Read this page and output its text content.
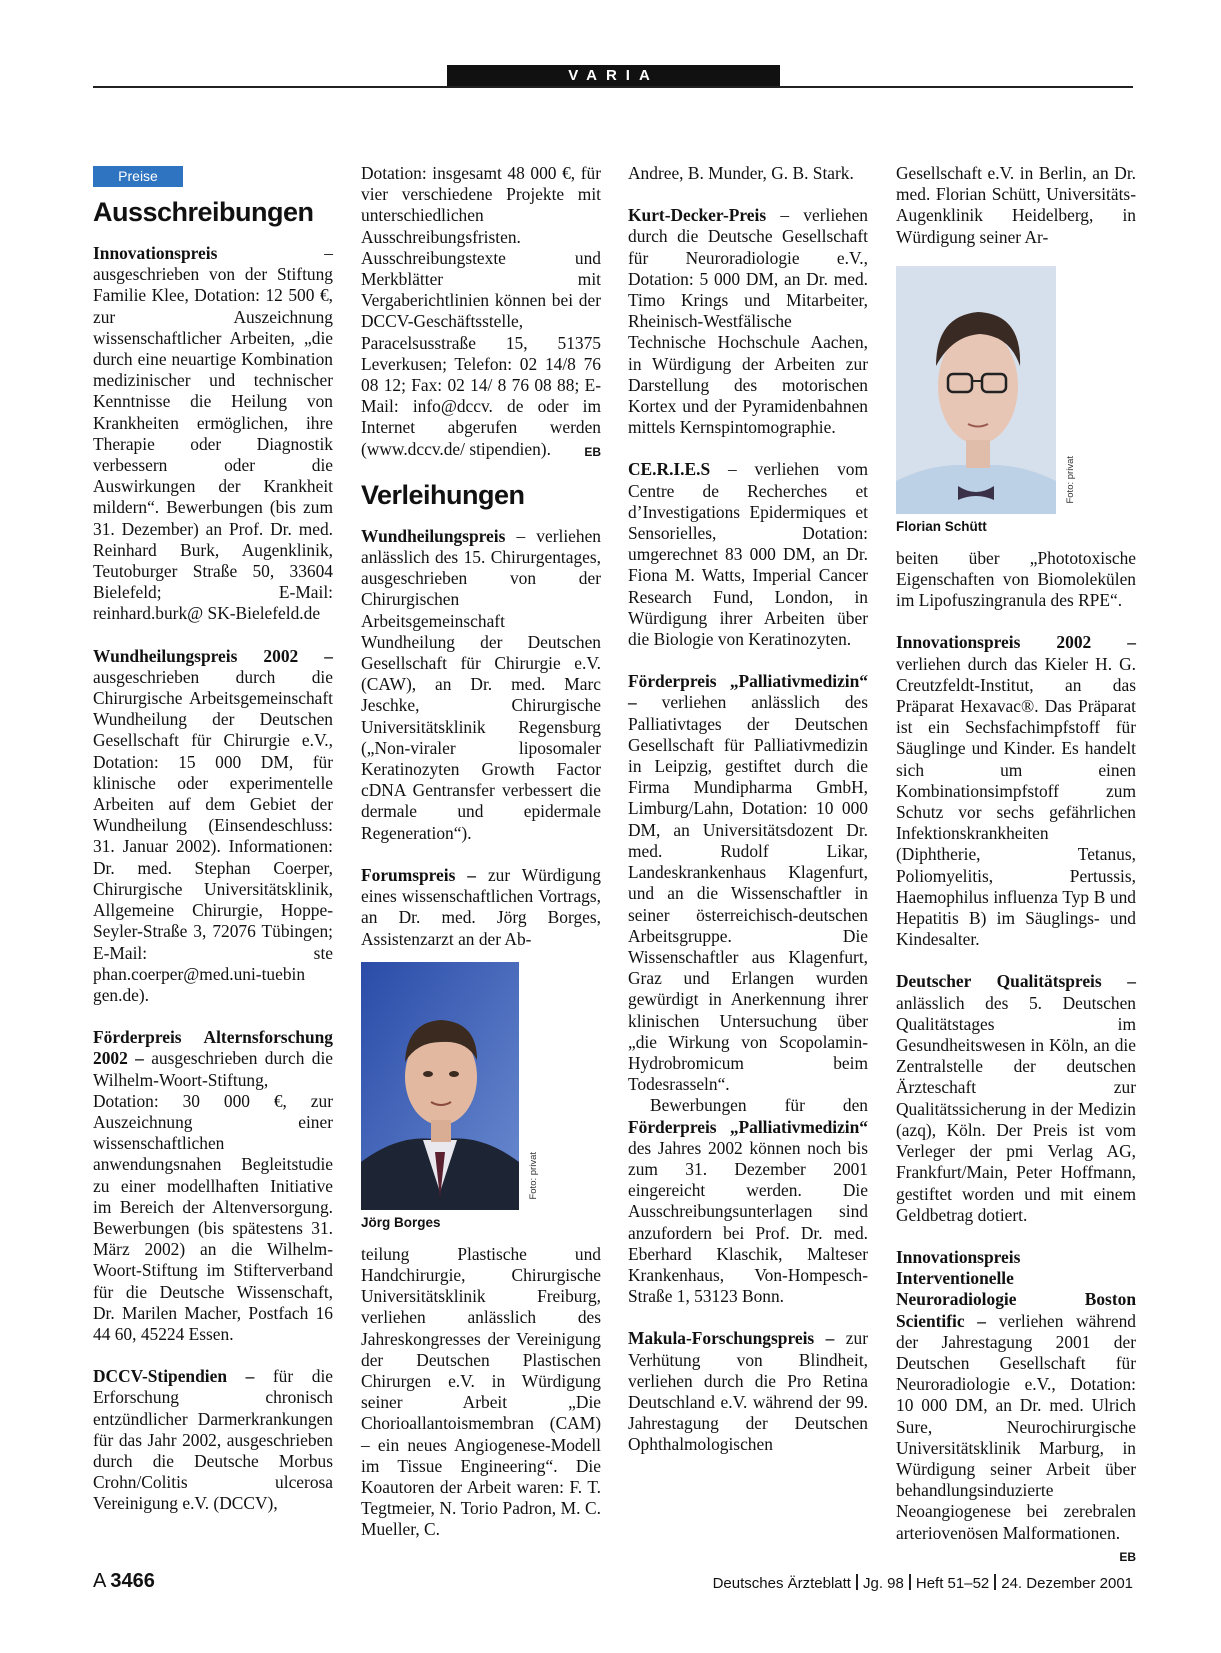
VARIA
Preise
Ausschreibungen

Innovationspreis – ausgeschrieben von der Stiftung Familie Klee, Dotation: 12 500 €, zur Auszeichnung wissenschaftlicher Arbeiten, „die durch eine neuartige Kombination medizinischer und technischer Kenntnisse die Heilung von Krankheiten ermöglichen, ihre Therapie oder Diagnostik verbessern oder die Auswirkungen der Krankheit mildern“. Bewerbungen (bis zum 31. Dezember) an Prof. Dr. med. Reinhard Burk, Augenklinik, Teutoburger Straße 50, 33604 Bielefeld; E-Mail: reinhard.burk@ SK-Bielefeld.de

Wundheilungspreis 2002 – ausgeschrieben durch die Chirurgische Arbeitsgemeinschaft Wundheilung der Deutschen Gesellschaft für Chirurgie e.V., Dotation: 15 000 DM, für klinische oder experimentelle Arbeiten auf dem Gebiet der Wundheilung (Einsendeschluss: 31. Januar 2002). Informationen: Dr. med. Stephan Coerper, Chirurgische Universitätsklinik, Allgemeine Chirurgie, Hoppe-Seyler-Straße 3, 72076 Tübingen; E-Mail: ste phan.coerper@med.uni-tuebin gen.de).

Förderpreis Alternsforschung 2002 – ausgeschrieben durch die Wilhelm-Woort-Stiftung, Dotation: 30 000 €, zur Auszeichnung einer wissenschaftlichen anwendungsnahen Begleitstudie zu einer modellhaften Initiative im Bereich der Altenversorgung. Bewerbungen (bis spätestens 31. März 2002) an die Wilhelm-Woort-Stiftung im Stifterverband für die Deutsche Wissenschaft, Dr. Marilen Macher, Postfach 16 44 60, 45224 Essen.

DCCV-Stipendien – für die Erforschung chronisch entzündlicher Darmerkrankungen für das Jahr 2002, ausgeschrieben durch die Deutsche Morbus Crohn/Colitis ulcerosa Vereinigung e.V. (DCCV),

Dotation: insgesamt 48 000 €, für vier verschiedene Projekte mit unterschiedlichen Ausschreibungsfristen. Ausschreibungstexte und Merkblätter mit Vergaberichtlinien können bei der DCCV-Geschäftsstelle, Paracelsusstraße 15, 51375 Leverkusen; Telefon: 02 14/8 76 08 12; Fax: 02 14/ 8 76 08 88; E-Mail: info@dccv. de oder im Internet abgerufen werden (www.dccv.de/ stipendien).	EB

Verleihungen

Wundheilungspreis – verliehen anlässlich des 15. Chirurgentages, ausgeschrieben von der Chirurgischen Arbeitsgemeinschaft Wundheilung der Deutschen Gesellschaft für Chirurgie e.V. (CAW), an Dr. med. Marc Jeschke, Chirurgische Universitätsklinik Regensburg („Non-viraler liposomaler Keratinozyten Growth Factor cDNA Gentransfer verbessert die dermale und epidermale Regeneration“).

Forumspreis – zur Würdigung eines wissenschaftlichen Vortrags, an Dr. med. Jörg Borges, Assistenzarzt an der Ab-

Foto: privat
Jörg Borges

teilung Plastische und Handchirurgie, Chirurgische Universitätsklinik Freiburg, verliehen anlässlich des Jahreskongresses der Vereinigung der Deutschen Plastischen Chirurgen e.V. in Würdigung seiner Arbeit „Die Chorioallantoismembran (CAM) – ein neues Angiogenese-Modell im Tissue Engineering“. Die Koautoren der Arbeit waren: F. T. Tegtmeier, N. Torio Padron, M. C. Mueller, C.

Andree, B. Munder, G. B. Stark.

Kurt-Decker-Preis – verliehen durch die Deutsche Gesellschaft für Neuroradiologie e.V., Dotation: 5 000 DM, an Dr. med. Timo Krings und Mitarbeiter, Rheinisch-Westfälische Technische Hochschule Aachen, in Würdigung der Arbeiten zur Darstellung des motorischen Kortex und der Pyramidenbahnen mittels Kernspintomographie.

CE.R.I.E.S – verliehen vom Centre de Recherches et d’Investigations Epidermiques et Sensorielles, Dotation: umgerechnet 83 000 DM, an Dr. Fiona M. Watts, Imperial Cancer Research Fund, London, in Würdigung ihrer Arbeiten über die Biologie von Keratinozyten.

Förderpreis „Palliativmedizin“ – verliehen anlässlich des Palliativtages der Deutschen Gesellschaft für Palliativmedizin in Leipzig, gestiftet durch die Firma Mundipharma GmbH, Limburg/Lahn, Dotation: 10 000 DM, an Universitätsdozent Dr. med. Rudolf Likar, Landeskrankenhaus Klagenfurt, und an die Wissenschaftler in seiner österreichisch-deutschen Arbeitsgruppe. Die Wissenschaftler aus Klagenfurt, Graz und Erlangen wurden gewürdigt in Anerkennung ihrer klinischen Untersuchung über „die Wirkung von Scopolamin-Hydrobromicum beim Todesrasseln“.

Bewerbungen für den Förderpreis „Palliativmedizin“ des Jahres 2002 können noch bis zum 31. Dezember 2001 eingereicht werden. Die Ausschreibungsunterlagen sind anzufordern bei Prof. Dr. med. Eberhard Klaschik, Malteser Krankenhaus, Von-Hompesch-Straße 1, 53123 Bonn.

Makula-Forschungspreis – zur Verhütung von Blindheit, verliehen durch die Pro Retina Deutschland e.V. während der 99. Jahrestagung der Deutschen Ophthalmologischen

Gesellschaft e.V. in Berlin, an Dr. med. Florian Schütt, Universitäts-Augenklinik Heidelberg, in Würdigung seiner Ar-

Foto: privat
Florian Schütt

beiten über „Phototoxische Eigenschaften von Biomolekülen im Lipofuszingranula des RPE“.

Innovationspreis 2002 – verliehen durch das Kieler H. G. Creutzfeldt-Institut, an das Präparat Hexavac®. Das Präparat ist ein Sechsfachimpfstoff für Säuglinge und Kinder. Es handelt sich um einen Kombinationsimpfstoff zum Schutz vor sechs gefährlichen Infektionskrankheiten (Diphtherie, Tetanus, Poliomyelitis, Pertussis, Haemophilus influenza Typ B und Hepatitis B) im Säuglings- und Kindesalter.

Deutscher Qualitätspreis – anlässlich des 5. Deutschen Qualitätstages im Gesundheitswesen in Köln, an die Zentralstelle der deutschen Ärzteschaft zur Qualitätssicherung in der Medizin (azq), Köln. Der Preis ist vom Verleger der pmi Verlag AG, Frankfurt/Main, Peter Hoffmann, gestiftet worden und mit einem Geldbetrag dotiert.

Innovationspreis Interventionelle Neuroradiologie Boston Scientific – verliehen während der Jahrestagung 2001 der Deutschen Gesellschaft für Neuroradiologie e.V., Dotation: 10 000 DM, an Dr. med. Ulrich Sure, Neurochirurgische Universitätsklinik Marburg, in Würdigung seiner Arbeit über behandlungsinduzierte Neoangiogenese bei zerebralen arteriovenösen Malformationen.
EB

A 3466	Deutsches Ärzteblatt Jg. 98 Heft 51–52 24. Dezember 2001
